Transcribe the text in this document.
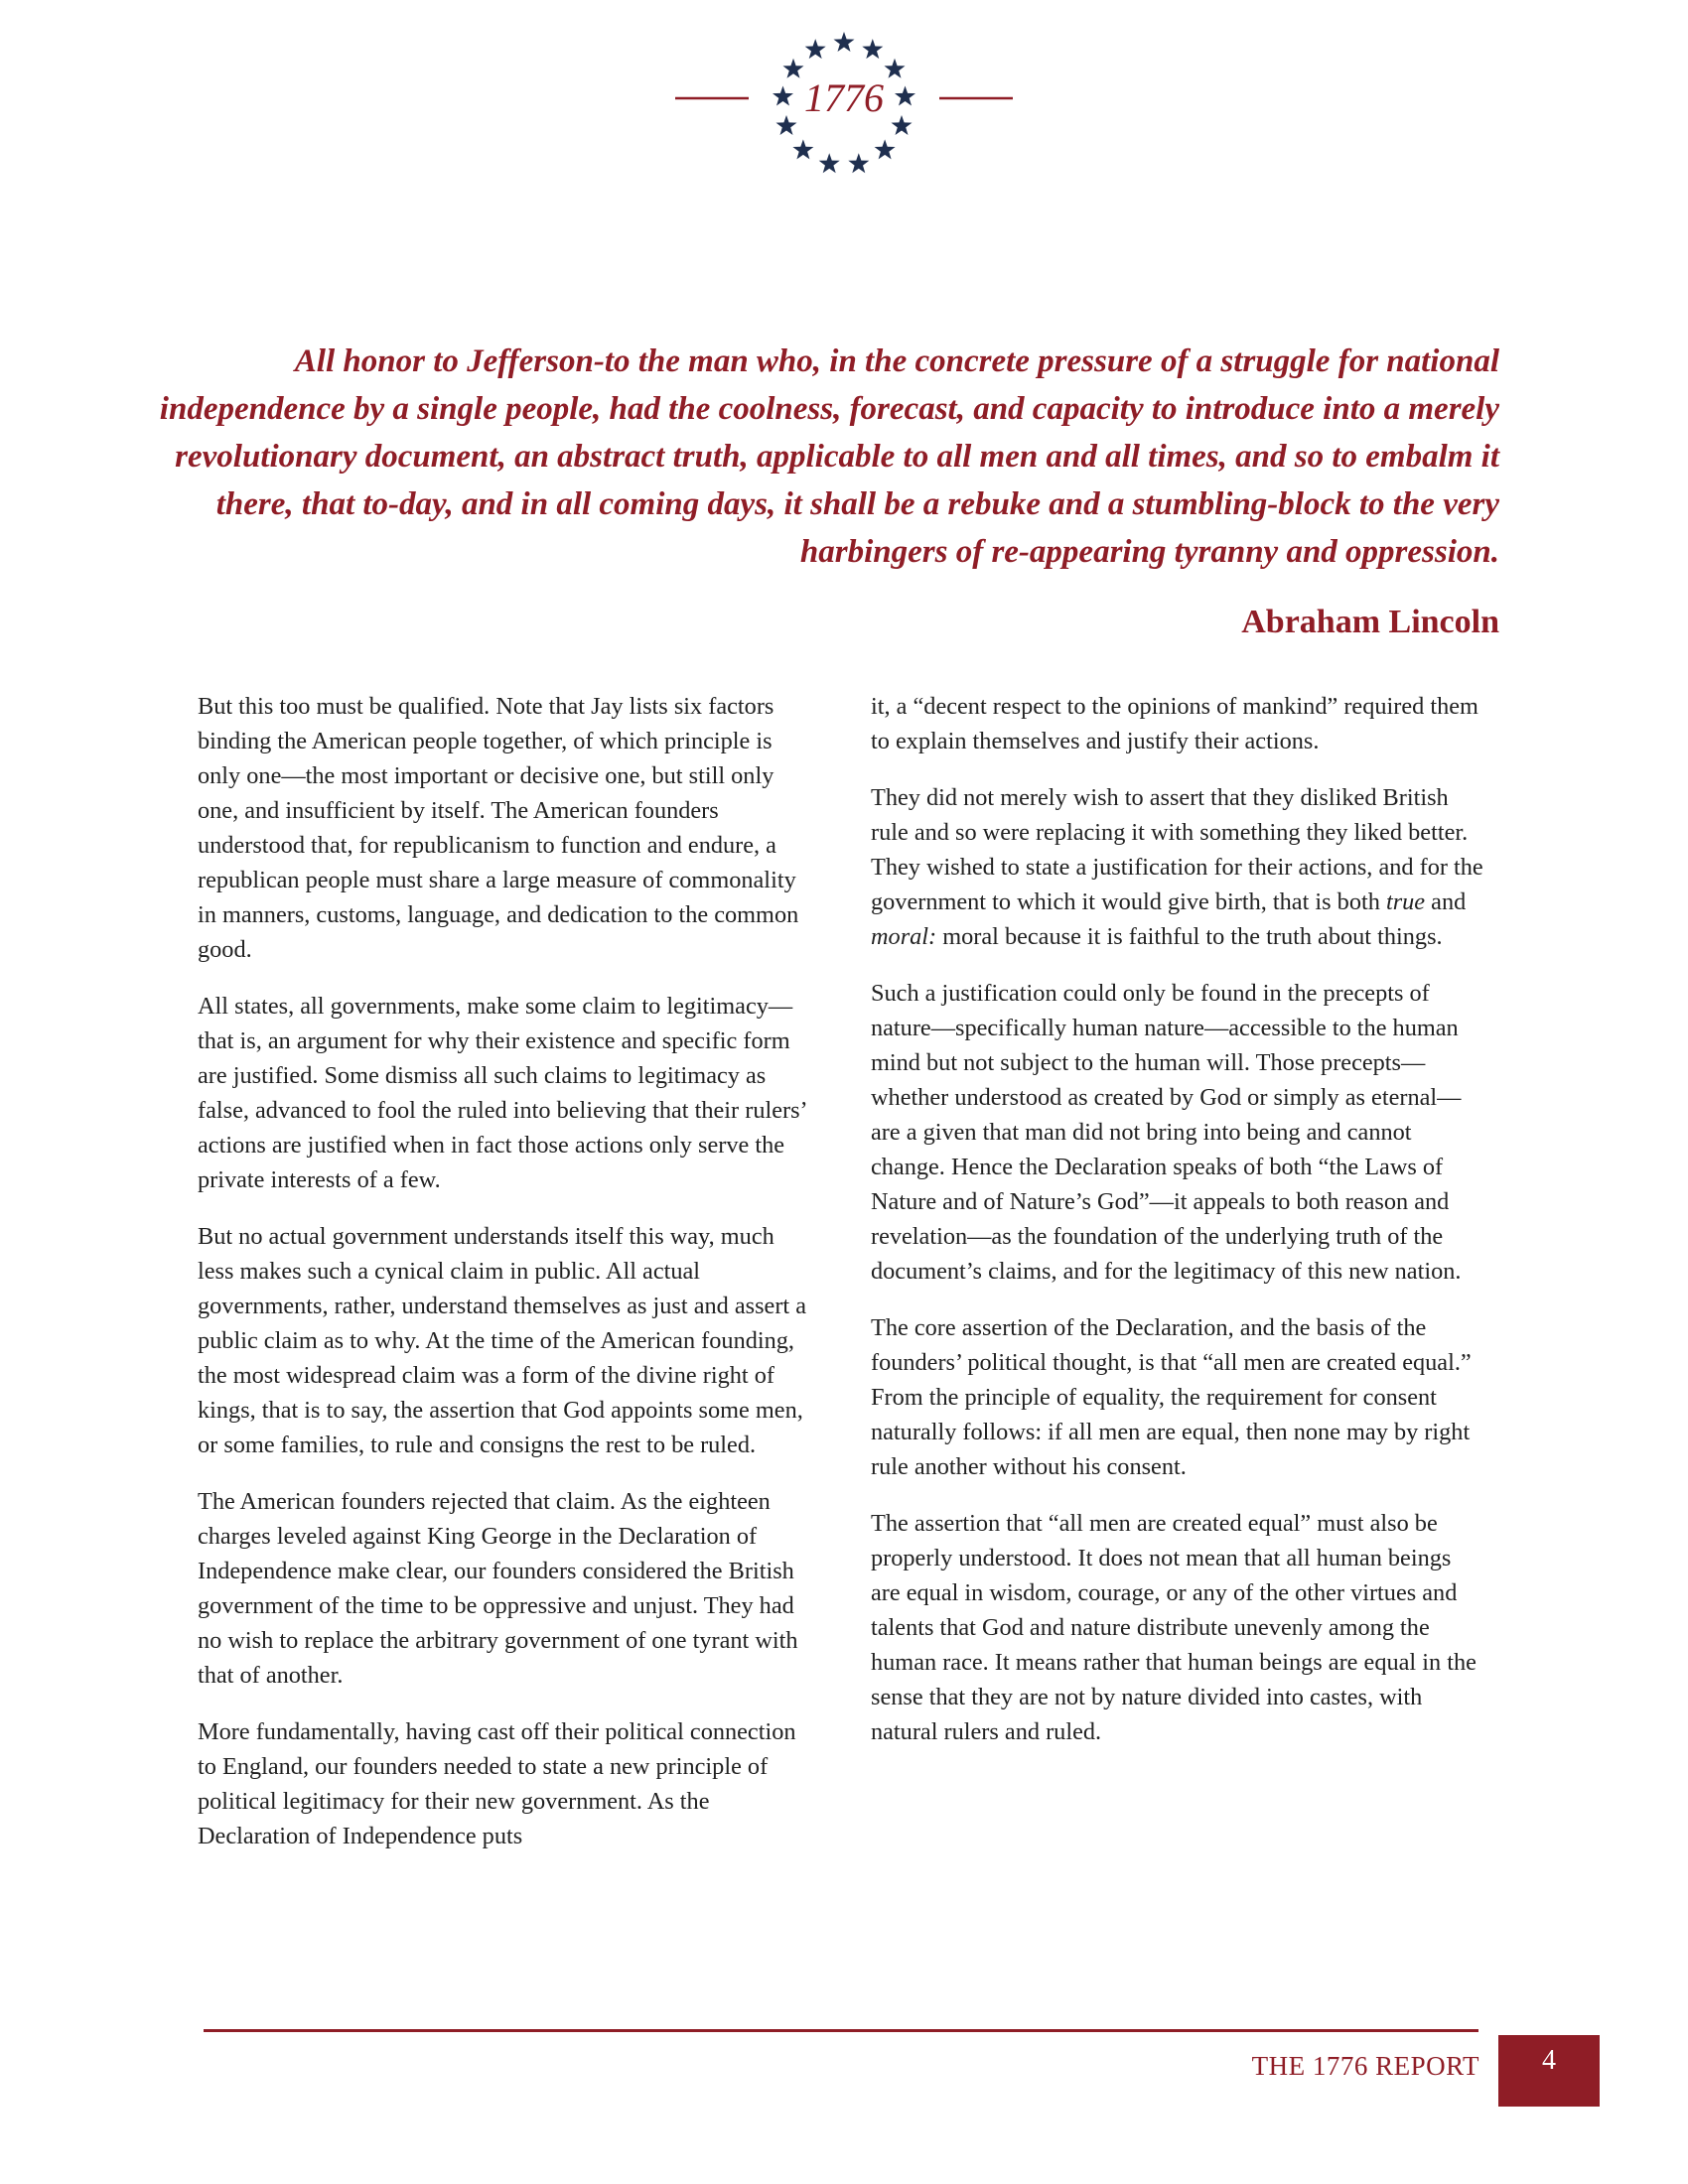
1776

All honor to Jefferson-to the man who, in the concrete pressure of a struggle for national independence by a single people, had the coolness, forecast, and capacity to introduce into a merely revolutionary document, an abstract truth, applicable to all men and all times, and so to embalm it there, that to-day, and in all coming days, it shall be a rebuke and a stumbling-block to the very harbingers of re-appearing tyranny and oppression.

Abraham Lincoln

But this too must be qualified. Note that Jay lists six factors binding the American people together, of which principle is only one—the most important or decisive one, but still only one, and insufficient by itself. The American founders understood that, for republicanism to function and endure, a republican people must share a large measure of commonality in manners, customs, language, and dedication to the common good.

All states, all governments, make some claim to legitimacy—that is, an argument for why their existence and specific form are justified. Some dismiss all such claims to legitimacy as false, advanced to fool the ruled into believing that their rulers’ actions are justified when in fact those actions only serve the private interests of a few.

But no actual government understands itself this way, much less makes such a cynical claim in public. All actual governments, rather, understand themselves as just and assert a public claim as to why. At the time of the American founding, the most widespread claim was a form of the divine right of kings, that is to say, the assertion that God appoints some men, or some families, to rule and consigns the rest to be ruled.

The American founders rejected that claim. As the eighteen charges leveled against King George in the Declaration of Independence make clear, our founders considered the British government of the time to be oppressive and unjust. They had no wish to replace the arbitrary government of one tyrant with that of another.

More fundamentally, having cast off their political connection to England, our founders needed to state a new principle of political legitimacy for their new government. As the Declaration of Independence puts

it, a “decent respect to the opinions of mankind” required them to explain themselves and justify their actions.

They did not merely wish to assert that they disliked British rule and so were replacing it with something they liked better. They wished to state a justification for their actions, and for the government to which it would give birth, that is both true and moral: moral because it is faithful to the truth about things.

Such a justification could only be found in the precepts of nature—specifically human nature—accessible to the human mind but not subject to the human will. Those precepts—whether understood as created by God or simply as eternal—are a given that man did not bring into being and cannot change. Hence the Declaration speaks of both “the Laws of Nature and of Nature’s God”—it appeals to both reason and revelation—as the foundation of the underlying truth of the document’s claims, and for the legitimacy of this new nation.

The core assertion of the Declaration, and the basis of the founders’ political thought, is that “all men are created equal.” From the principle of equality, the requirement for consent naturally follows: if all men are equal, then none may by right rule another without his consent.

The assertion that “all men are created equal” must also be properly understood. It does not mean that all human beings are equal in wisdom, courage, or any of the other virtues and talents that God and nature distribute unevenly among the human race. It means rather that human beings are equal in the sense that they are not by nature divided into castes, with natural rulers and ruled.

THE 1776 REPORT	4
